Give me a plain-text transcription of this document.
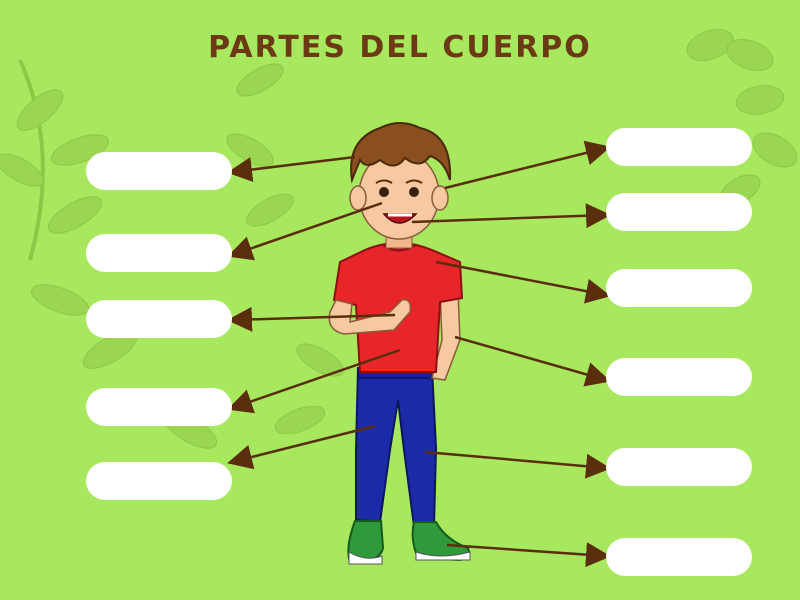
PARTES DEL CUERPO
